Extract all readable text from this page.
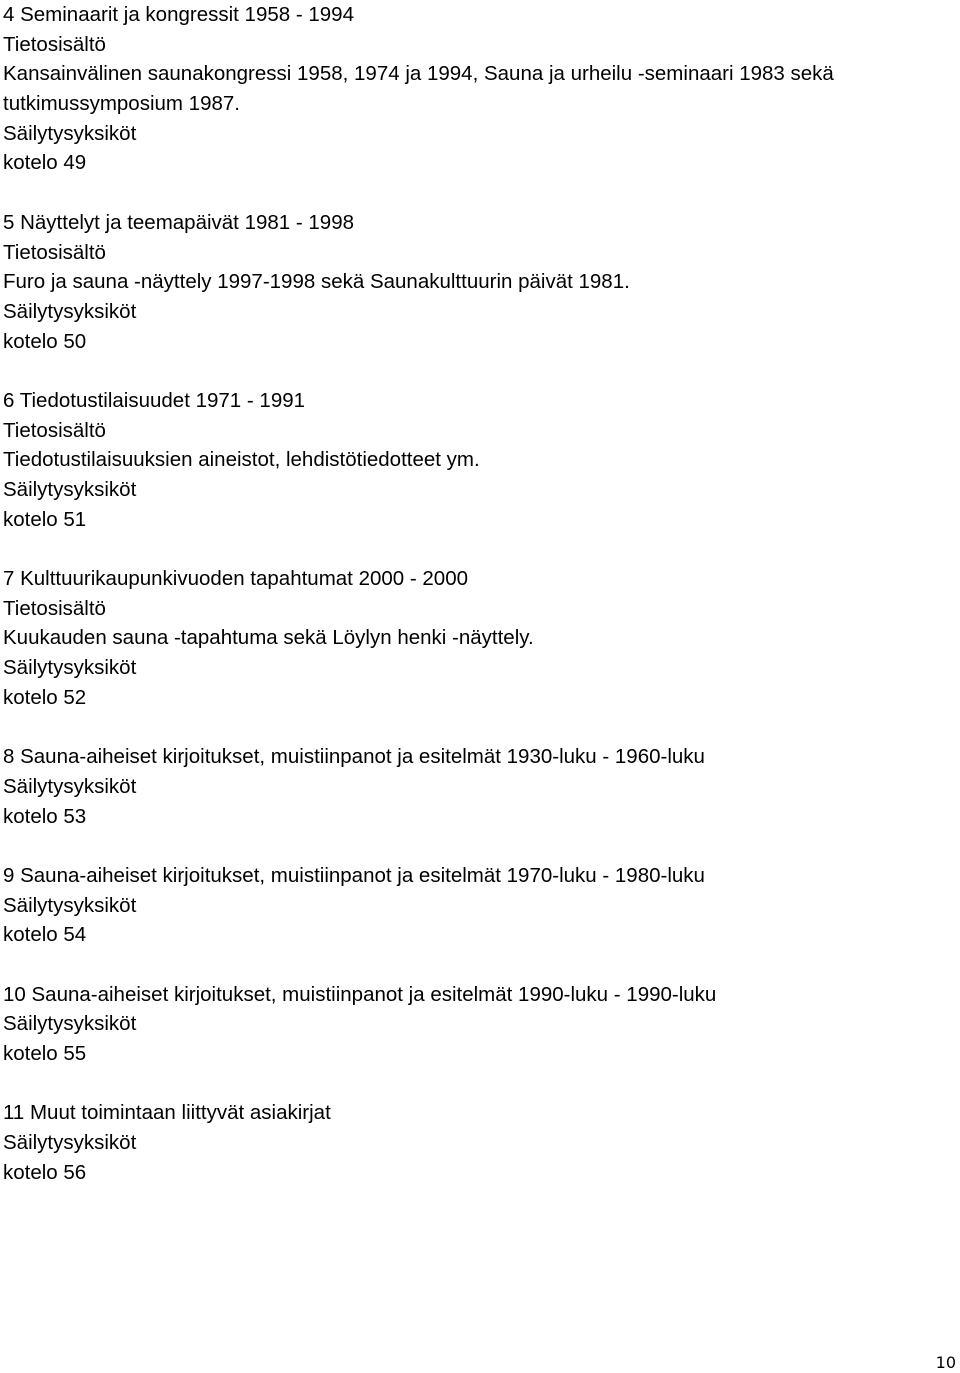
4 Seminaarit ja kongressit 1958 - 1994

Tietosisältö

Kansainvälinen saunakongressi 1958, 1974 ja 1994, Sauna ja urheilu -seminaari 1983 sekä

tutkimussymposium 1987.

Säilytysyksiköt

kotelo 49

5 Näyttelyt ja teemapäivät 1981 - 1998

Tietosisältö

Furo ja sauna -näyttely 1997-1998 sekä Saunakulttuurin päivät 1981.

Säilytysyksiköt

kotelo 50

6 Tiedotustilaisuudet 1971 - 1991

Tietosisältö

Tiedotustilaisuuksien aineistot, lehdistötiedotteet ym.

Säilytysyksiköt

kotelo 51

7 Kulttuurikaupunkivuoden tapahtumat 2000 - 2000

Tietosisältö

Kuukauden sauna -tapahtuma sekä Löylyn henki -näyttely.

Säilytysyksiköt

kotelo 52

8 Sauna-aiheiset kirjoitukset, muistiinpanot ja esitelmät 1930-luku - 1960-luku

Säilytysyksiköt

kotelo 53

9 Sauna-aiheiset kirjoitukset, muistiinpanot ja esitelmät 1970-luku - 1980-luku

Säilytysyksiköt

kotelo 54

10 Sauna-aiheiset kirjoitukset, muistiinpanot ja esitelmät 1990-luku - 1990-luku

Säilytysyksiköt

kotelo 55

11 Muut toimintaan liittyvät asiakirjat

Säilytysyksiköt

kotelo 56

10
